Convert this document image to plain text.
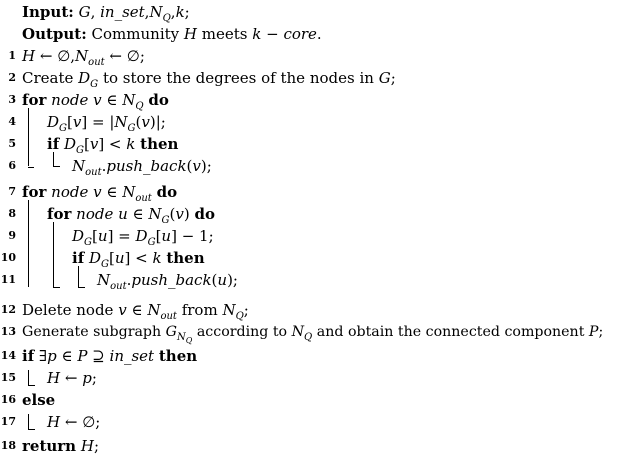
Input: G, $in\_set,N_Q,k$;
Output: Community H meets k − core.
1 H ← $\emptyset,N_{out}$ ← ∅;
2 Create $D_G$ to store the degrees of the nodes in G;
3 for node v ∈ $N_Q$ do
4 $D_G[v] = |N_G(v)|$;
5 if $D_G[v] < k$ then
6	$N_{out}.push\_back(v)$;
7 for node v ∈ $N_{out}$ do
8 for node u ∈ $N_G(v)$ do
9	$D_G[u] = D_G[u] - 1$;
10	if $D_G[u] < k$ then
11	$N_{out}.push\_back(u)$;
12 Delete node v ∈ $N_{out}$ from $N_Q$;
13 Generate subgraph $G_{N_Q}$ according to $N_Q$ and obtain the connected component P;
14 if ∃p ∈ P ⊇ in_set then
15 H ← p;
16 else
17 H ← ∅;
18 return H;
